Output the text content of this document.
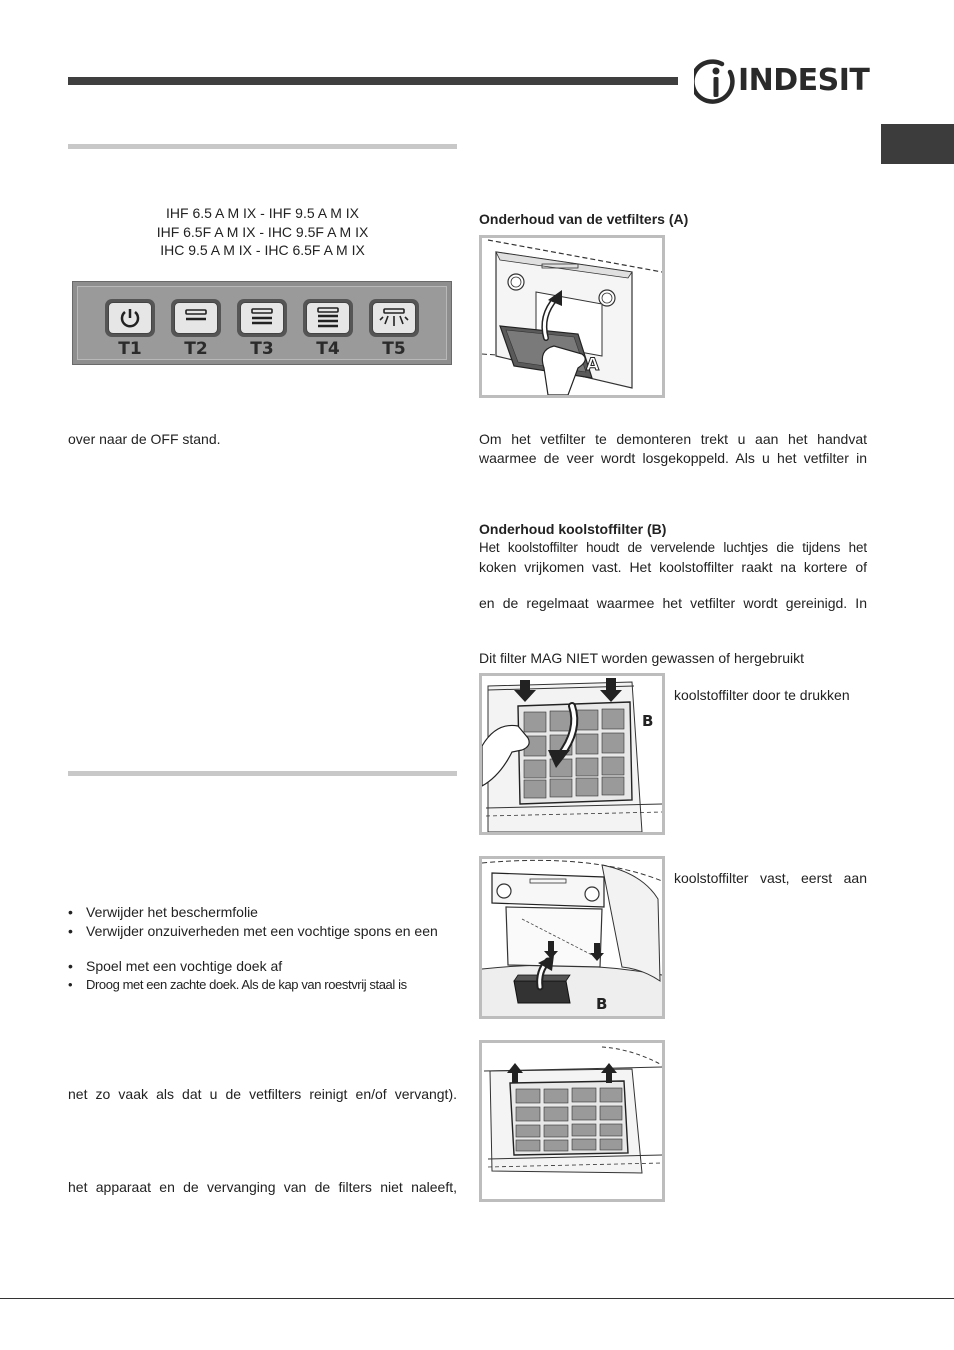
INDESIT
IHF 6.5 A M IX - IHF 9.5 A M IX
IHF 6.5F A M IX - IHC 9.5F A M IX
IHC 9.5 A M IX - IHC 6.5F A M IX
T1	T2	T3	T4	T5
over naar de OFF stand.
• Verwijder het beschermfolie
• Verwijder onzuiverheden met een vochtige spons en een
• Spoel met een vochtige doek af
• Droog met een zachte doek. Als de kap van roestvrij staal is
net zo vaak als dat u de vetfilters reinigt en/of vervangt).
het apparaat en de vervanging van de filters niet naleeft,
Onderhoud van de vetfilters (A)
A
Om het vetfilter te demonteren trekt u aan het handvat
waarmee de veer wordt losgekoppeld. Als u het vetfilter in
Onderhoud koolstoffilter (B)
Het koolstoffilter houdt de vervelende luchtjes die tijdens het
koken vrijkomen vast. Het koolstoffilter raakt na kortere of
en de regelmaat waarmee het vetfilter wordt gereinigd. In
Dit filter MAG NIET worden gewassen of hergebruikt
B
koolstoffilter door te drukken
B
koolstoffilter vast, eerst aan
